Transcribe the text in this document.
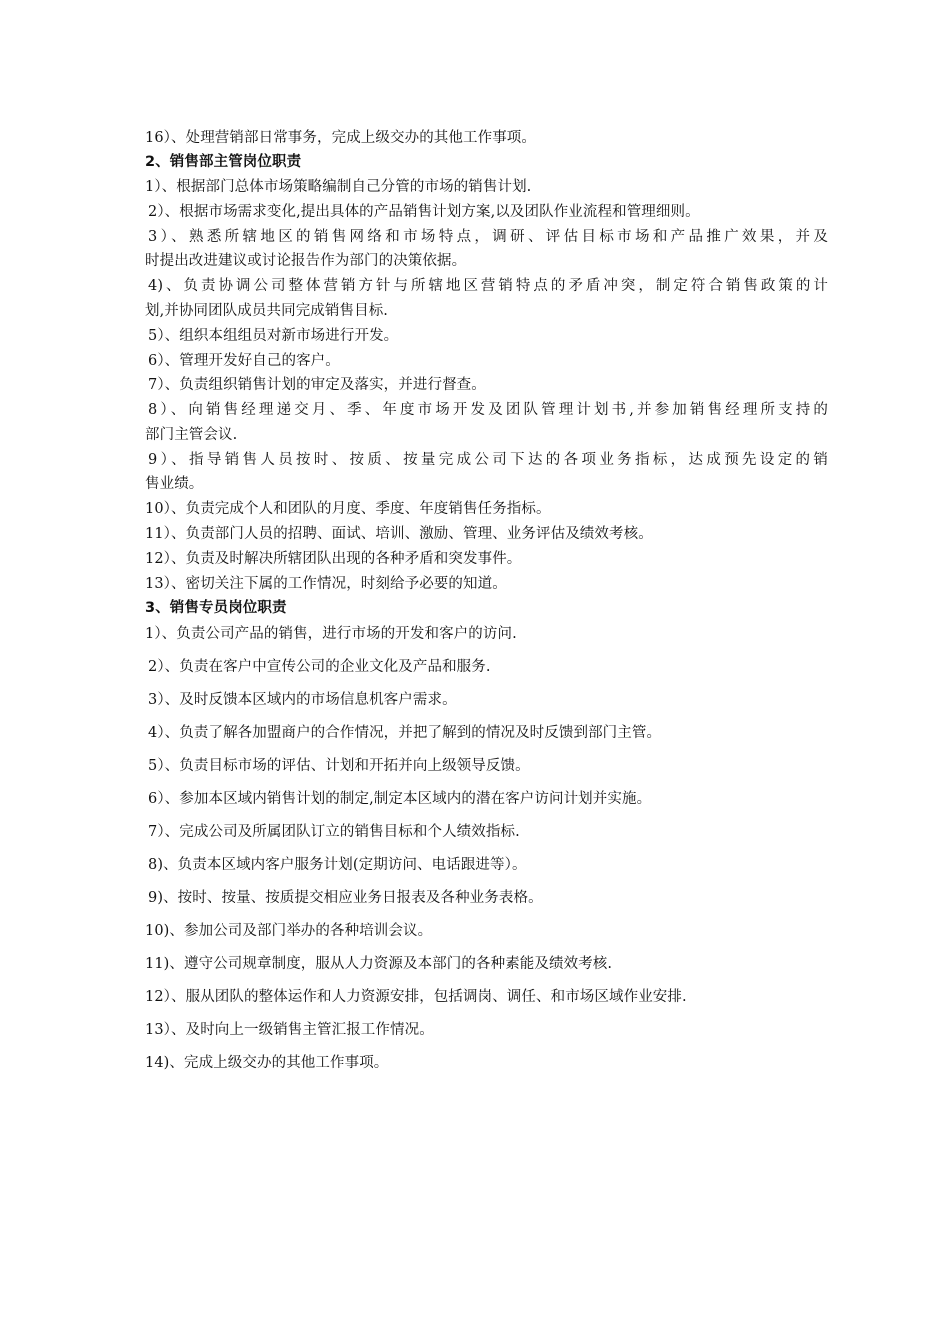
16）、处理营销部日常事务，完成上级交办的其他工作事项。
2、销售部主管岗位职责
1）、根据部门总体市场策略编制自己分管的市场的销售计划.
2）、根据市场需求变化,提出具体的产品销售计划方案,以及团队作业流程和管理细则。
3）、熟悉所辖地区的销售网络和市场特点，调研、评估目标市场和产品推广效果，并及
时提出改进建议或讨论报告作为部门的决策依据。
4)、负责协调公司整体营销方针与所辖地区营销特点的矛盾冲突，制定符合销售政策的计
划,并协同团队成员共同完成销售目标.
5）、组织本组组员对新市场进行开发。
6）、管理开发好自己的客户。
7）、负责组织销售计划的审定及落实，并进行督查。
8）、向销售经理递交月、季、年度市场开发及团队管理计划书,并参加销售经理所支持的
部门主管会议.
9）、指导销售人员按时、按质、按量完成公司下达的各项业务指标，达成预先设定的销
售业绩。
10）、负责完成个人和团队的月度、季度、年度销售任务指标。
11）、负责部门人员的招聘、面试、培训、激励、管理、业务评估及绩效考核。
12）、负责及时解决所辖团队出现的各种矛盾和突发事件。
13）、密切关注下属的工作情况，时刻给予必要的知道。
3、销售专员岗位职责
1）、负责公司产品的销售，进行市场的开发和客户的访问.
2）、负责在客户中宣传公司的企业文化及产品和服务.
3）、及时反馈本区域内的市场信息机客户需求。
4）、负责了解各加盟商户的合作情况，并把了解到的情况及时反馈到部门主管。
5）、负责目标市场的评估、计划和开拓并向上级领导反馈。
6）、参加本区域内销售计划的制定,制定本区域内的潜在客户访问计划并实施。
7）、完成公司及所属团队订立的销售目标和个人绩效指标.
8)、负责本区域内客户服务计划(定期访问、电话跟进等）。
9)、按时、按量、按质提交相应业务日报表及各种业务表格。
10)、参加公司及部门举办的各种培训会议。
11)、遵守公司规章制度，服从人力资源及本部门的各种素能及绩效考核.
12）、服从团队的整体运作和人力资源安排，包括调岗、调任、和市场区域作业安排.
13）、及时向上一级销售主管汇报工作情况。
14)、完成上级交办的其他工作事项。
